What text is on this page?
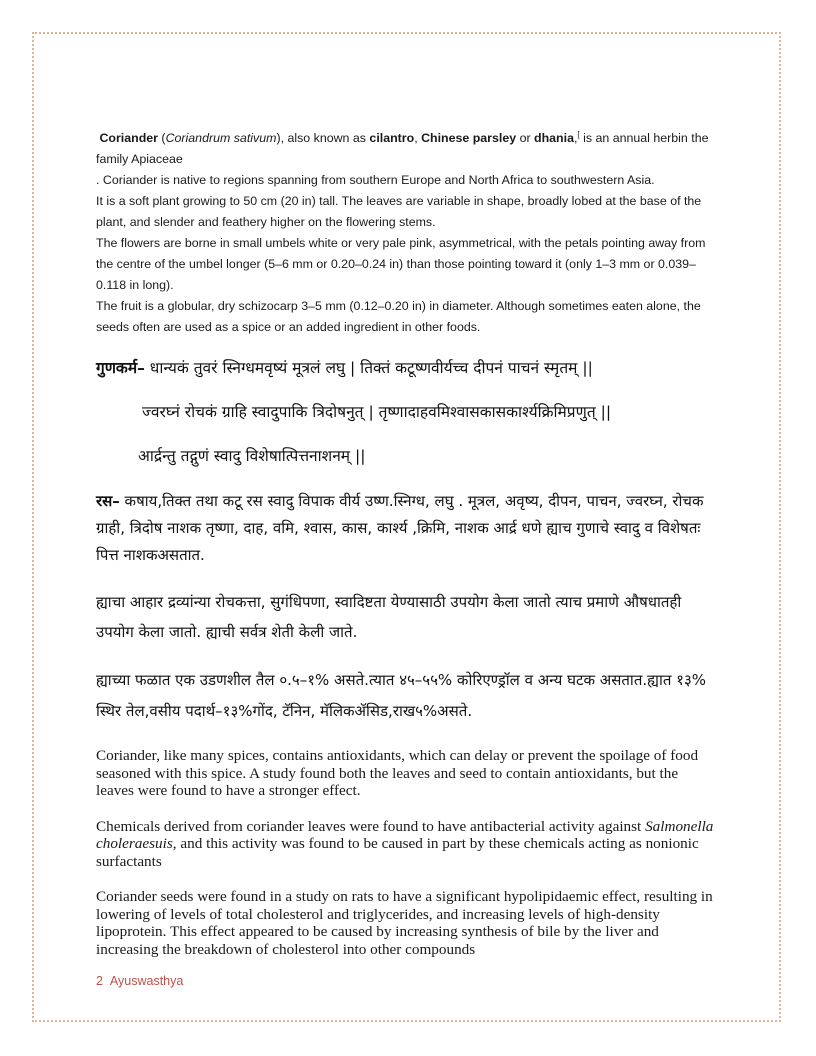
Coriander (Coriandrum sativum), also known as cilantro, Chinese parsley or dhania,[ is an annual herbin the family Apiaceae

. Coriander is native to regions spanning from southern Europe and North Africa to southwestern Asia.

It is a soft plant growing to 50 cm (20 in) tall. The leaves are variable in shape, broadly lobed at the base of the plant, and slender and feathery higher on the flowering stems.

The flowers are borne in small umbels white or very pale pink, asymmetrical, with the petals pointing away from the centre of the umbel longer (5–6 mm or 0.20–0.24 in) than those pointing toward it (only 1–3 mm or 0.039–0.118 in long).

The fruit is a globular, dry schizocarp 3–5 mm (0.12–0.20 in) in diameter. Although sometimes eaten alone, the seeds often are used as a spice or an added ingredient in other foods.

गुणकर्म– धान्यकं तुवरं स्निग्धमवृष्यं मूत्रलं लघु | तिक्तं कटूष्णवीर्यच्च दीपनं पाचनं स्मृतम् ||

ज्वरघ्नं रोचकं ग्राहि स्वादुपाकि त्रिदोषनुत् | तृष्णादाहवमिश्वासकासकार्श्यक्रिमिप्रणुत् ||

आर्द्रन्तु तद्गुणं स्वादु विशेषात्पित्तनाशनम् ||

रस– कषाय,तिक्त तथा कटू रस स्वादु विपाक वीर्य उष्ण.स्निग्ध, लघु . मूत्रल, अवृष्य, दीपन, पाचन, ज्वरघ्न, रोचक ग्राही, त्रिदोष नाशक तृष्णा, दाह, वमि, श्वास, कास, कार्श्य ,क्रिमि, नाशक आर्द्र धणे ह्याच गुणाचे स्वादु व विशेषतः पित्त नाशकअसतात.

ह्याचा आहार द्रव्यांन्या रोचकत्ता, सुगंधिपणा, स्वादिष्टता येण्यासाठी उपयोग केला जातो त्याच प्रमाणे औषधातही उपयोग केला जातो. ह्याची सर्वत्र शेती केली जाते.

ह्याच्या फळात एक उडणशील तैल ०.५–१% असते.त्यात ४५–५५% कोरिएण्ड्रॉल व अन्य घटक असतात.ह्यात १३% स्थिर तेल,वसीय पदार्थ–१३%गोंद, टॅनिन, मॅलिकॲसिड,राख५%असते.

Coriander, like many spices, contains antioxidants, which can delay or prevent the spoilage of food seasoned with this spice. A study found both the leaves and seed to contain antioxidants, but the leaves were found to have a stronger effect.

Chemicals derived from coriander leaves were found to have antibacterial activity against Salmonella choleraesuis, and this activity was found to be caused in part by these chemicals acting as nonionic surfactants

Coriander seeds were found in a study on rats to have a significant hypolipidaemic effect, resulting in lowering of levels of total cholesterol and triglycerides, and increasing levels of high-density lipoprotein. This effect appeared to be caused by increasing synthesis of bile by the liver and increasing the breakdown of cholesterol into other compounds

2 Ayuswasthya
